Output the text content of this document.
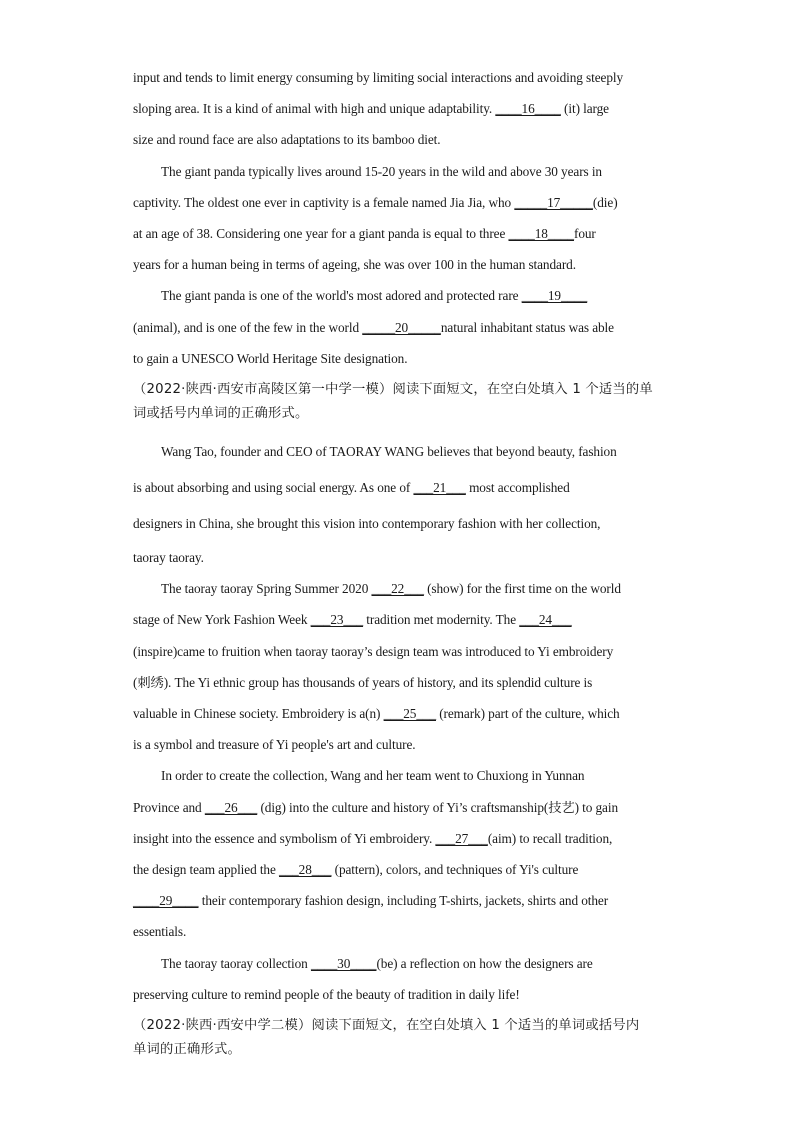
input and tends to limit energy consuming by limiting social interactions and avoiding steeply

sloping area. It is a kind of animal with high and unique adaptability. ____16____ (it) large

size and round face are also adaptations to its bamboo diet.

The giant panda typically lives around 15-20 years in the wild and above 30 years in

captivity. The oldest one ever in captivity is a female named Jia Jia, who _____17_____(die)

at an age of 38. Considering one year for a giant panda is equal to three ____18____four

years for a human being in terms of ageing, she was over 100 in the human standard.

The giant panda is one of the world's most adored and protected rare ____19____

(animal), and is one of the few in the world _____20_____natural inhabitant status was able

to gain a UNESCO World Heritage Site designation.

（2022·陕西·西安市高陵区第一中学一模）阅读下面短文，在空白处填入 1 个适当的单
词或括号内单词的正确形式。

Wang Tao, founder and CEO of TAORAY WANG believes that beyond beauty, fashion

is about absorbing and using social energy. As one of ___21___ most accomplished

designers in China, she brought this vision into contemporary fashion with her collection,

taoray taoray.

The taoray taoray Spring Summer 2020 ___22___ (show) for the first time on the world

stage of New York Fashion Week ___23___ tradition met modernity. The ___24___

(inspire)came to fruition when taoray taoray’s design team was introduced to Yi embroidery

(刺绣). The Yi ethnic group has thousands of years of history, and its splendid culture is

valuable in Chinese society. Embroidery is a(n) ___25___ (remark) part of the culture, which

is a symbol and treasure of Yi people's art and culture.

In order to create the collection, Wang and her team went to Chuxiong in Yunnan

Province and ___26___ (dig) into the culture and history of Yi’s craftsmanship(技艺) to gain

insight into the essence and symbolism of Yi embroidery. ___27___(aim) to recall tradition,

the design team applied the ___28___ (pattern), colors, and techniques of Yi's culture

____29____ their contemporary fashion design, including T-shirts, jackets, shirts and other

essentials.

The taoray taoray collection ____30____(be) a reflection on how the designers are

preserving culture to remind people of the beauty of tradition in daily life!

（2022·陕西·西安中学二模）阅读下面短文，在空白处填入 1 个适当的单词或括号内
单词的正确形式。
